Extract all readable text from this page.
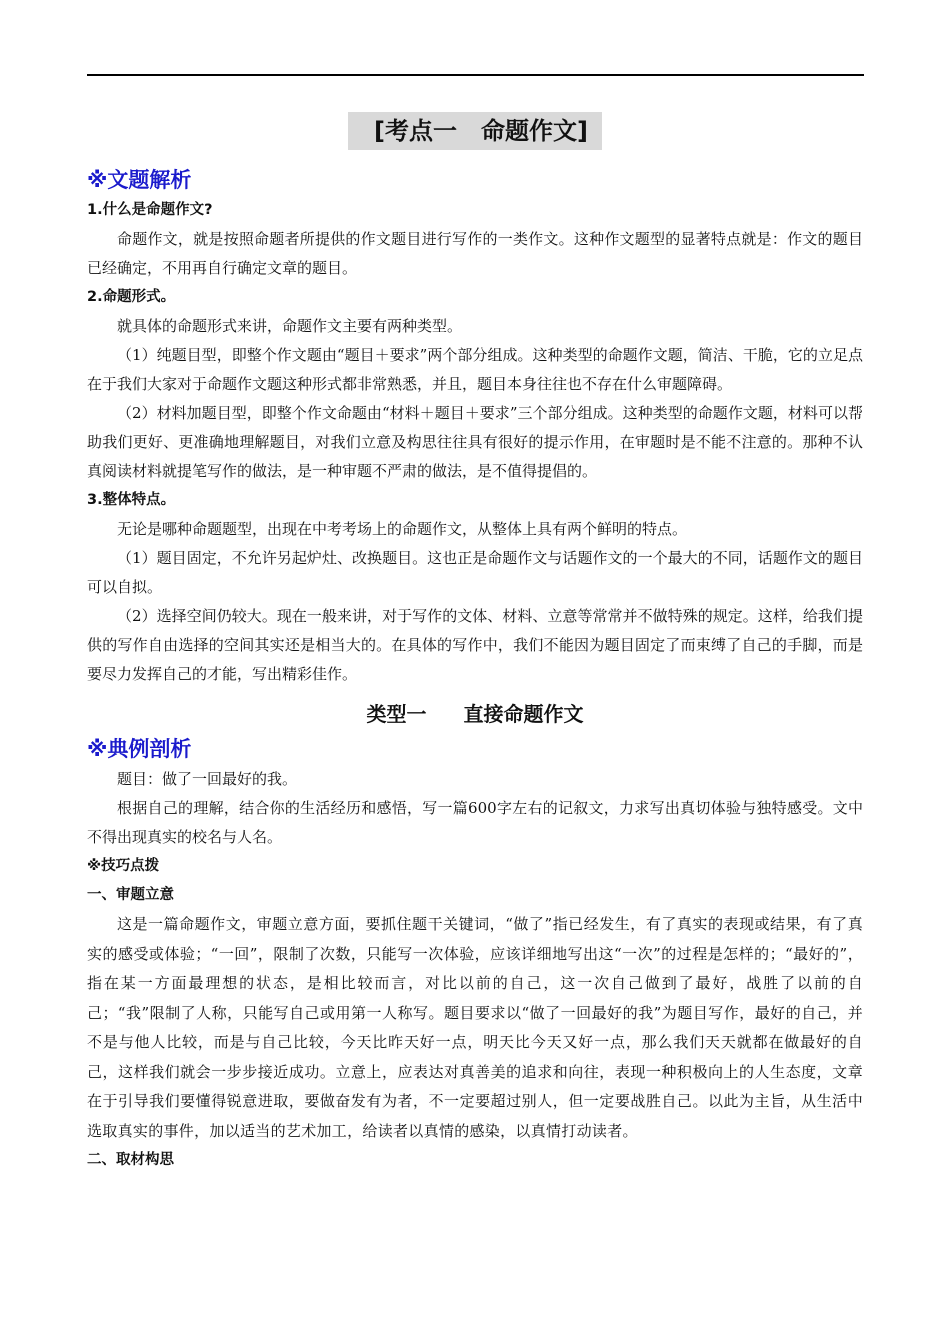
[考点一　命题作文]
※文题解析
1.什么是命题作文?

命题作文，就是按照命题者所提供的作文题目进行写作的一类作文。这种作文题型的显著特点就是：作文的题目已经确定，不用再自行确定文章的题目。

2.命题形式。

就具体的命题形式来讲，命题作文主要有两种类型。

（1）纯题目型，即整个作文题由“题目＋要求”两个部分组成。这种类型的命题作文题，简洁、干脆，它的立足点在于我们大家对于命题作文题这种形式都非常熟悉，并且，题目本身往往也不存在什么审题障碍。

（2）材料加题目型，即整个作文命题由“材料＋题目＋要求”三个部分组成。这种类型的命题作文题，材料可以帮助我们更好、更准确地理解题目，对我们立意及构思往往具有很好的提示作用，在审题时是不能不注意的。那种不认真阅读材料就提笔写作的做法，是一种审题不严肃的做法，是不值得提倡的。

3.整体特点。

无论是哪种命题题型，出现在中考考场上的命题作文，从整体上具有两个鲜明的特点。

（1）题目固定，不允许另起炉灶、改换题目。这也正是命题作文与话题作文的一个最大的不同，话题作文的题目可以自拟。

（2）选择空间仍较大。现在一般来讲，对于写作的文体、材料、立意等常常并不做特殊的规定。这样，给我们提供的写作自由选择的空间其实还是相当大的。在具体的写作中，我们不能因为题目固定了而束缚了自己的手脚，而是要尽力发挥自己的才能，写出精彩佳作。

类型一 直接命题作文
※典例剖析

题目：做了一回最好的我。

根据自己的理解，结合你的生活经历和感悟，写一篇600字左右的记叙文，力求写出真切体验与独特感受。文中不得出现真实的校名与人名。

※技巧点拨
一、审题立意

这是一篇命题作文，审题立意方面，要抓住题干关键词，“做了”指已经发生，有了真实的表现或结果，有了真实的感受或体验；“一回”，限制了次数，只能写一次体验，应该详细地写出这“一次”的过程是怎样的；“最好的”，指在某一方面最理想的状态，是相比较而言，对比以前的自己，这一次自己做到了最好，战胜了以前的自己；“我”限制了人称，只能写自己或用第一人称写。题目要求以“做了一回最好的我”为题目写作，最好的自己，并不是与他人比较，而是与自己比较，今天比昨天好一点，明天比今天又好一点，那么我们天天就都在做最好的自己，这样我们就会一步步接近成功。立意上，应表达对真善美的追求和向往，表现一种积极向上的人生态度，文章在于引导我们要懂得锐意进取，要做奋发有为者，不一定要超过别人，但一定要战胜自己。以此为主旨，从生活中选取真实的事件，加以适当的艺术加工，给读者以真情的感染，以真情打动读者。

二、取材构思
